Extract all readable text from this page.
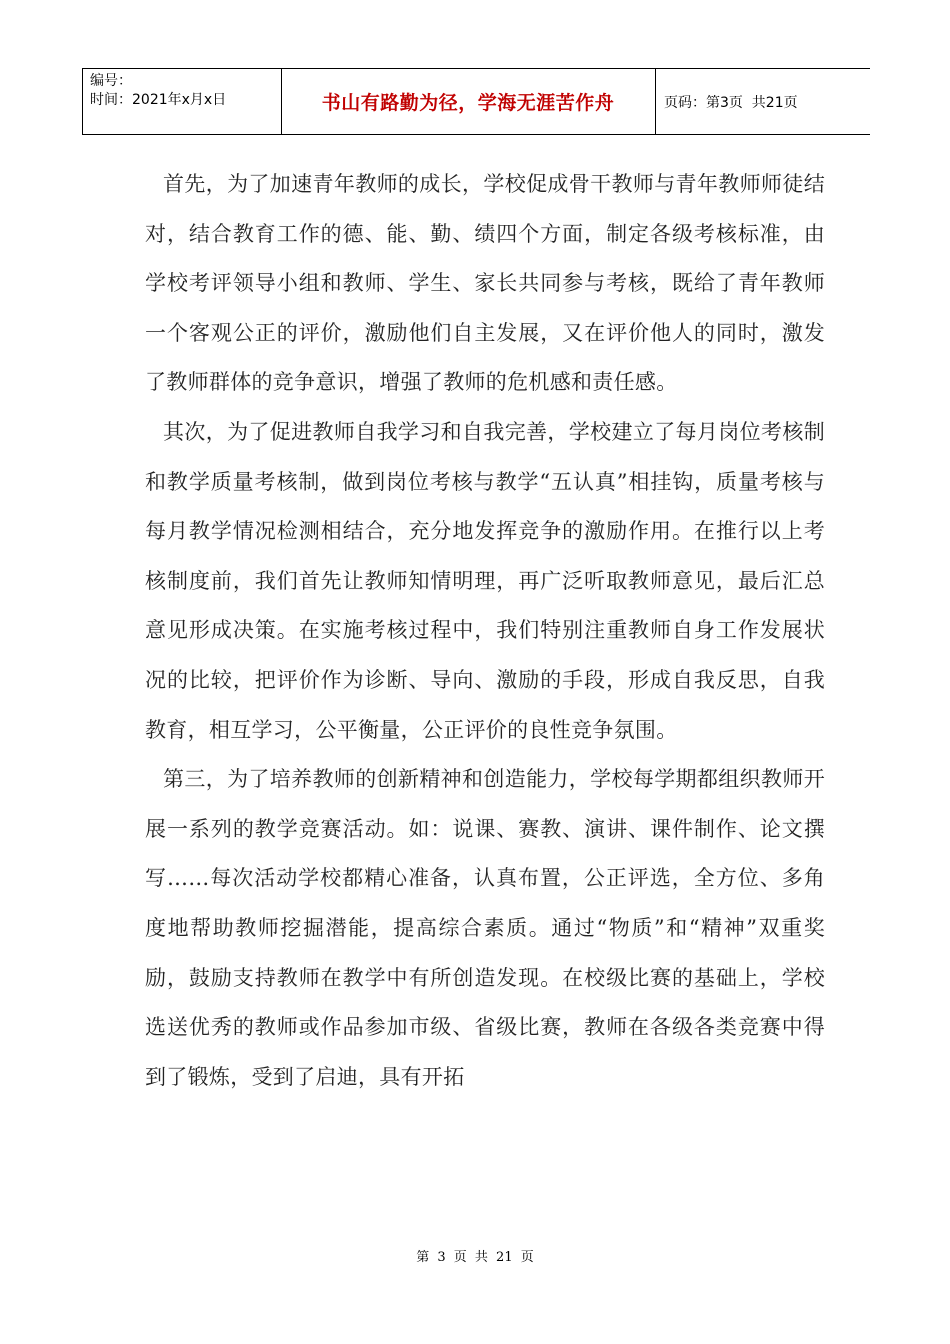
编号：
时间：2021年x月x日	书山有路勤为径，学海无涯苦作舟	页码：第3页  共21页

首先，为了加速青年教师的成长，学校促成骨干教师与青年教师师徒结对，结合教育工作的德、能、勤、绩四个方面，制定各级考核标准，由学校考评领导小组和教师、学生、家长共同参与考核，既给了青年教师一个客观公正的评价，激励他们自主发展，又在评价他人的同时，激发了教师群体的竞争意识，增强了教师的危机感和责任感。

其次，为了促进教师自我学习和自我完善，学校建立了每月岗位考核制和教学质量考核制，做到岗位考核与教学“五认真”相挂钩，质量考核与每月教学情况检测相结合，充分地发挥竞争的激励作用。在推行以上考核制度前，我们首先让教师知情明理，再广泛听取教师意见，最后汇总意见形成决策。在实施考核过程中，我们特别注重教师自身工作发展状况的比较，把评价作为诊断、导向、激励的手段，形成自我反思，自我教育，相互学习，公平衡量，公正评价的良性竞争氛围。

第三，为了培养教师的创新精神和创造能力，学校每学期都组织教师开展一系列的教学竞赛活动。如：说课、赛教、演讲、课件制作、论文撰写……每次活动学校都精心准备，认真布置，公正评选，全方位、多角度地帮助教师挖掘潜能，提高综合素质。通过“物质”和“精神”双重奖励，鼓励支持教师在教学中有所创造发现。在校级比赛的基础上，学校选送优秀的教师或作品参加市级、省级比赛，教师在各级各类竞赛中得到了锻炼，受到了启迪，具有开拓

第 3 页 共 21 页
